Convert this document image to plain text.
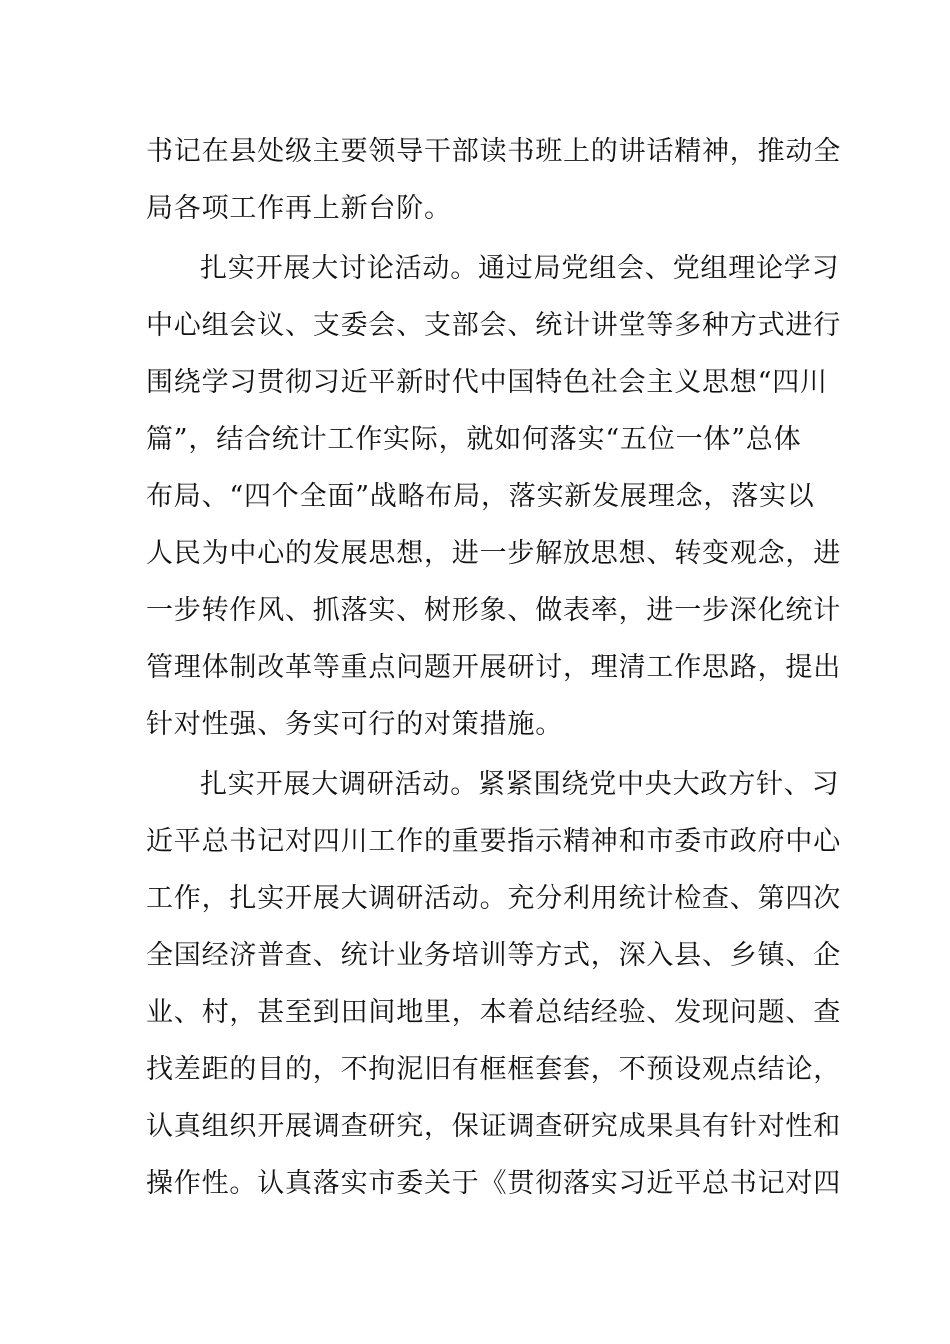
书记在县处级主要领导干部读书班上的讲话精神，推动全
局各项工作再上新台阶。
扎实开展大讨论活动。通过局党组会、党组理论学习
中心组会议、支委会、支部会、统计讲堂等多种方式进行
围绕学习贯彻习近平新时代中国特色社会主义思想“四川
篇”，结合统计工作实际，就如何落实“五位一体”总体
布局、“四个全面”战略布局，落实新发展理念，落实以
人民为中心的发展思想，进一步解放思想、转变观念，进
一步转作风、抓落实、树形象、做表率，进一步深化统计
管理体制改革等重点问题开展研讨，理清工作思路，提出
针对性强、务实可行的对策措施。
扎实开展大调研活动。紧紧围绕党中央大政方针、习
近平总书记对四川工作的重要指示精神和市委市政府中心
工作，扎实开展大调研活动。充分利用统计检查、第四次
全国经济普查、统计业务培训等方式，深入县、乡镇、企
业、村，甚至到田间地里，本着总结经验、发现问题、查
找差距的目的，不拘泥旧有框框套套，不预设观点结论，
认真组织开展调查研究，保证调查研究成果具有针对性和
操作性。认真落实市委关于《贯彻落实习近平总书记对四
